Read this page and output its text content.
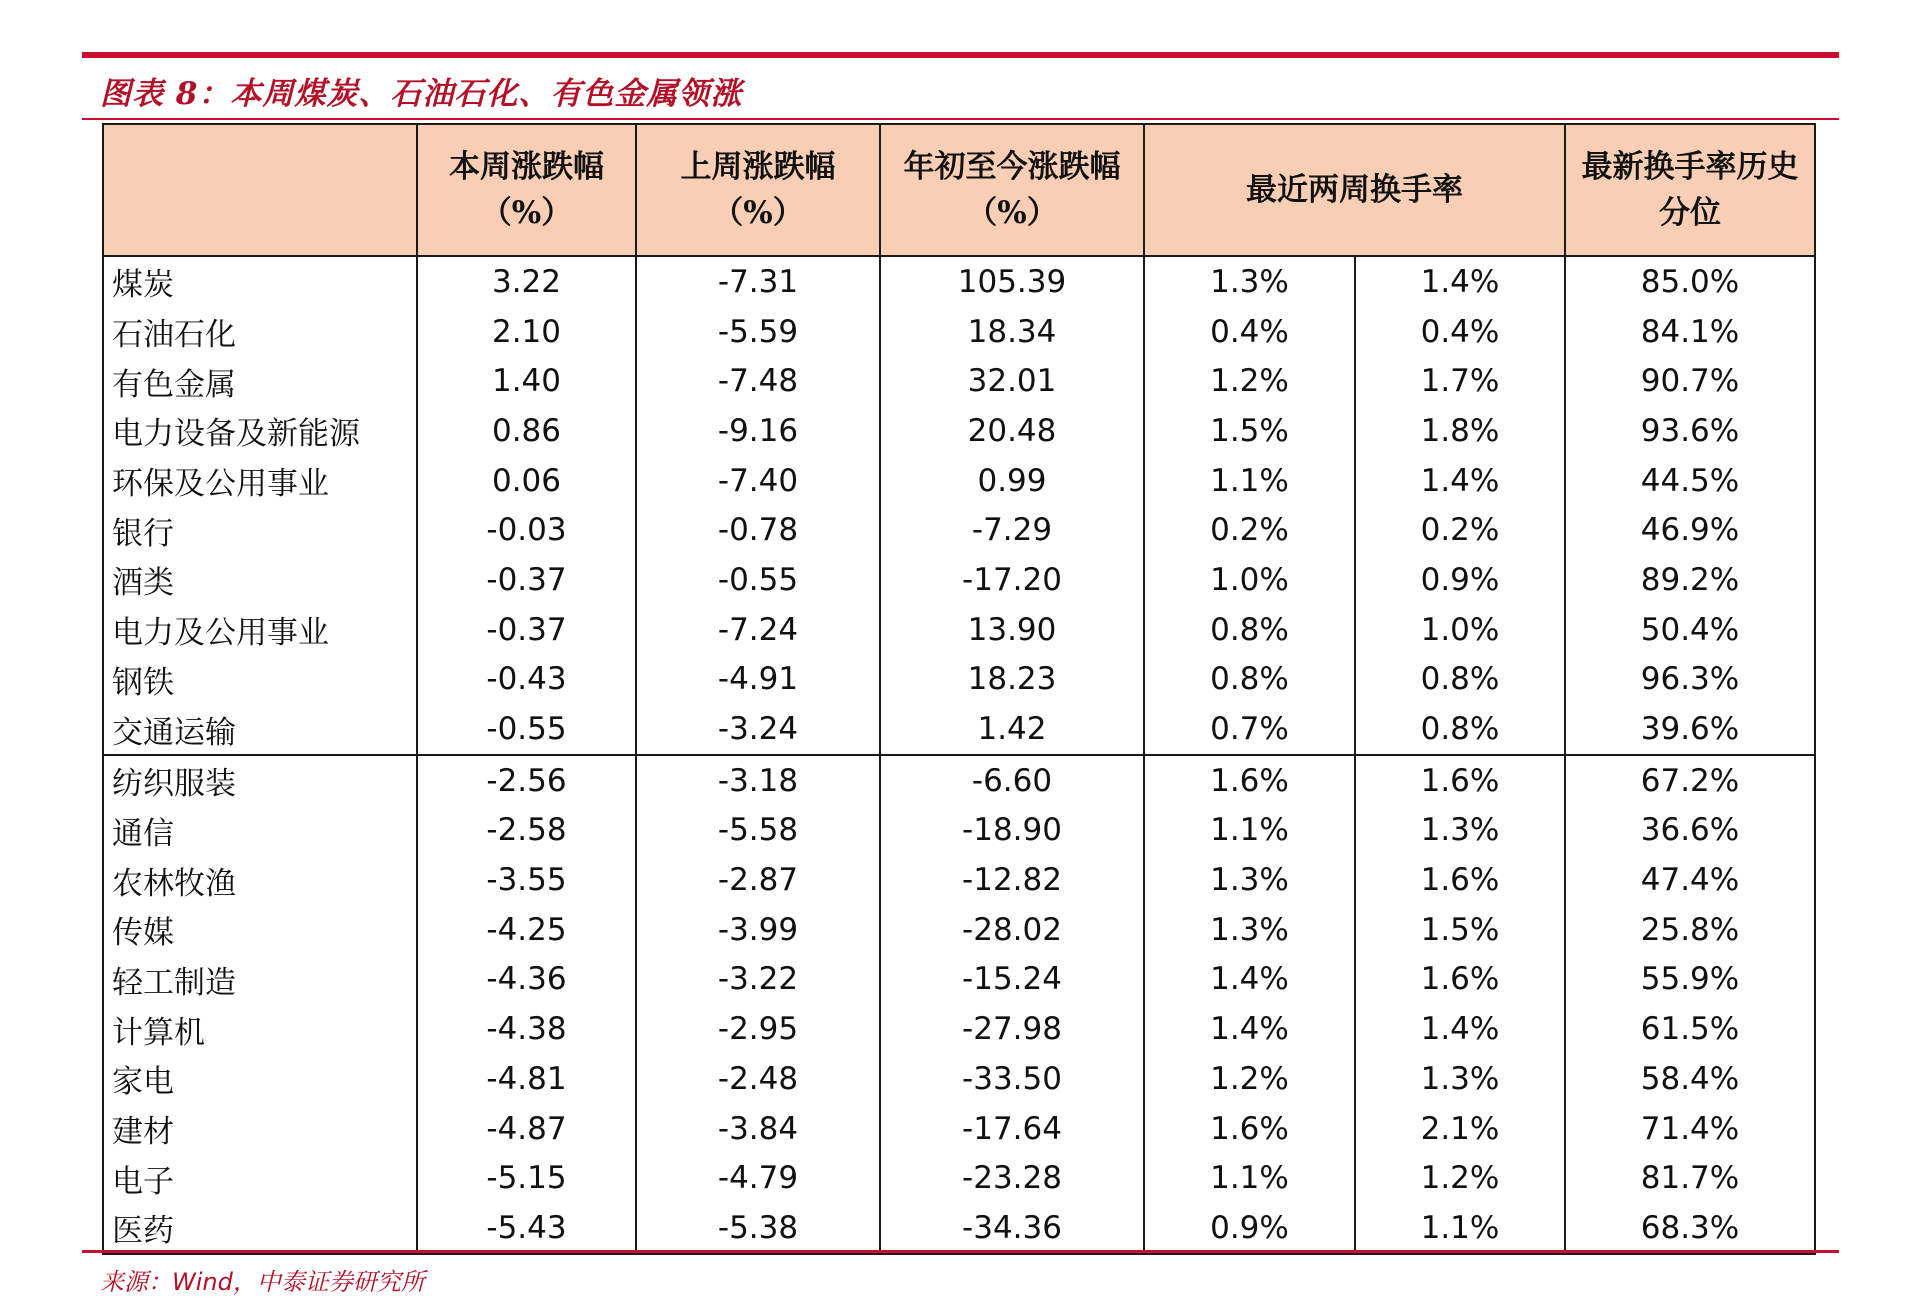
图表 8：本周煤炭、石油石化、有色金属领涨
	本周涨跌幅（%）	上周涨跌幅（%）	年初至今涨跌幅（%）	最近两周换手率		最新换手率历史分位
煤炭	3.22	-7.31	105.39	1.3%	1.4%	85.0%
石油石化	2.10	-5.59	18.34	0.4%	0.4%	84.1%
有色金属	1.40	-7.48	32.01	1.2%	1.7%	90.7%
电力设备及新能源	0.86	-9.16	20.48	1.5%	1.8%	93.6%
环保及公用事业	0.06	-7.40	0.99	1.1%	1.4%	44.5%
银行	-0.03	-0.78	-7.29	0.2%	0.2%	46.9%
酒类	-0.37	-0.55	-17.20	1.0%	0.9%	89.2%
电力及公用事业	-0.37	-7.24	13.90	0.8%	1.0%	50.4%
钢铁	-0.43	-4.91	18.23	0.8%	0.8%	96.3%
交通运输	-0.55	-3.24	1.42	0.7%	0.8%	39.6%
纺织服装	-2.56	-3.18	-6.60	1.6%	1.6%	67.2%
通信	-2.58	-5.58	-18.90	1.1%	1.3%	36.6%
农林牧渔	-3.55	-2.87	-12.82	1.3%	1.6%	47.4%
传媒	-4.25	-3.99	-28.02	1.3%	1.5%	25.8%
轻工制造	-4.36	-3.22	-15.24	1.4%	1.6%	55.9%
计算机	-4.38	-2.95	-27.98	1.4%	1.4%	61.5%
家电	-4.81	-2.48	-33.50	1.2%	1.3%	58.4%
建材	-4.87	-3.84	-17.64	1.6%	2.1%	71.4%
电子	-5.15	-4.79	-23.28	1.1%	1.2%	81.7%
医药	-5.43	-5.38	-34.36	0.9%	1.1%	68.3%
来源：Wind，中泰证券研究所
